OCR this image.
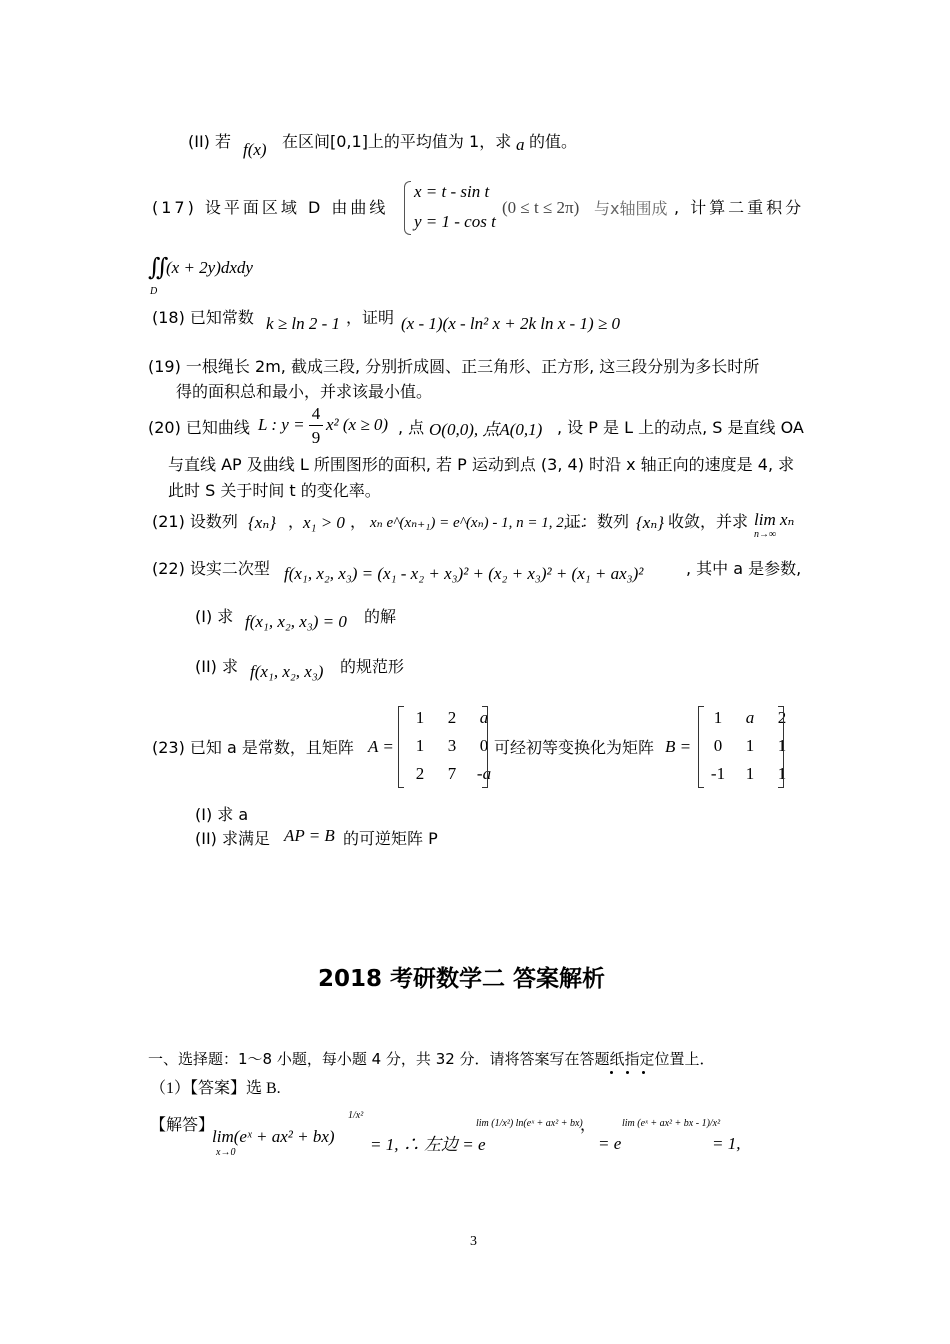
(II) 若 f(x) 在区间[0,1]上的平均值为 1，求 a 的值。
(17) 设平面区域 D 由曲线
x = t - sin t
y = 1 - cos t
(0 ≤ t ≤ 2π) 与x轴围成 , 计算二重积分
∬
(x + 2y)dxdy
D
(18) 已知常数 k ≥ ln 2 - 1 ，证明 (x - 1)(x - ln² x + 2k ln x - 1) ≥ 0
(19) 一根绳长 2m, 截成三段, 分别折成圆、正三角形、正方形, 这三段分别为多长时所
得的面积总和最小，并求该最小值。
(20) 已知曲线 L : y =
4
9
x² (x ≥ 0) , 点 O(0,0), 点A(0,1) , 设 P 是 L 上的动点, S 是直线 OA
与直线 AP 及曲线 L 所围图形的面积, 若 P 运动到点 (3, 4) 时沿 x 轴正向的速度是 4, 求
此时 S 关于时间 t 的变化率。
(21) 设数列 {xₙ} ，
x₁ > 0 ， xₙ e^(xₙ₊₁) = e^(xₙ) - 1, n = 1, 2, …
证：数列 {xₙ} 收敛，并求 lim xₙ
n→∞
(22) 设实二次型 f(x₁, x₂, x₃) = (x₁ - x₂ + x₃)² + (x₂ + x₃)² + (x₁ + ax₃)²	, 其中 a 是参数,
(I) 求 f(x₁, x₂, x₃) = 0 的解
(II) 求 f(x₁, x₂, x₃) 的规范形
(23) 已知 a 是常数，且矩阵 A =
1	2	a
1	3	0
2	7	-a
可经初等变换化为矩阵 B =
1	a	2
0	1	1
-1	1	1
(I) 求 a
(II) 求满足 AP = B 的可逆矩阵 P
2018 考研数学二 答案解析
一、选择题：1～8 小题，每小题 4 分，共 32 分．请将答案写在答题纸指定位置上．
（1）【答案】选 B.
【解答】
lim(eˣ + ax² + bx)
1/x²
x→0	= 1, ∴ 左边 = e
lim (1/x²) ln(eˣ + ax² + bx)
，
= e
lim (eˣ + ax² + bx - 1)/x²
= 1,
3
